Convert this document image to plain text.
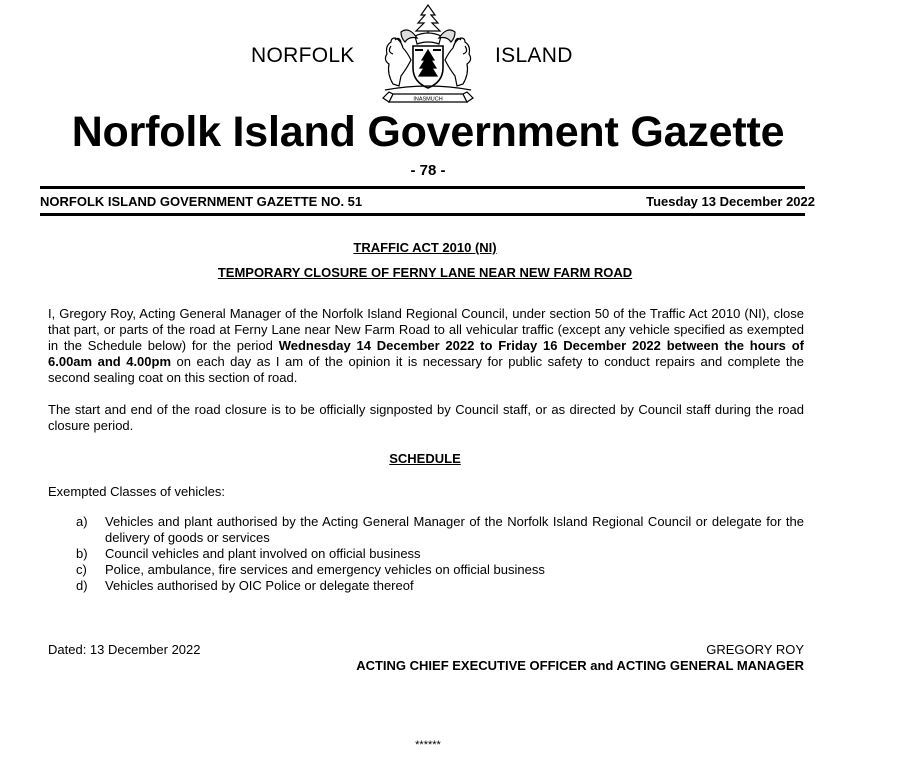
NORFOLK
INASMUCH
ISLAND
Norfolk Island Government Gazette
- 78 -
NORFOLK ISLAND GOVERNMENT GAZETTE NO. 51	Tuesday 13 December 2022
TRAFFIC ACT 2010 (NI)
TEMPORARY CLOSURE OF FERNY LANE NEAR NEW FARM ROAD
I, Gregory Roy, Acting General Manager of the Norfolk Island Regional Council, under section 50 of the Traffic Act 2010 (NI), close that part, or parts of the road at Ferny Lane near New Farm Road to all vehicular traffic (except any vehicle specified as exempted in the Schedule below) for the period Wednesday 14 December 2022 to Friday 16 December 2022 between the hours of 6.00am and 4.00pm on each day as I am of the opinion it is necessary for public safety to conduct repairs and complete the second sealing coat on this section of road.
The start and end of the road closure is to be officially signposted by Council staff, or as directed by Council staff during the road closure period.
SCHEDULE
Exempted Classes of vehicles:
a) Vehicles and plant authorised by the Acting General Manager of the Norfolk Island Regional Council or delegate for the delivery of goods or services
b) Council vehicles and plant involved on official business
c) Police, ambulance, fire services and emergency vehicles on official business
d) Vehicles authorised by OIC Police or delegate thereof
Dated: 13 December 2022	GREGORY ROY
ACTING CHIEF EXECUTIVE OFFICER and ACTING GENERAL MANAGER
******
